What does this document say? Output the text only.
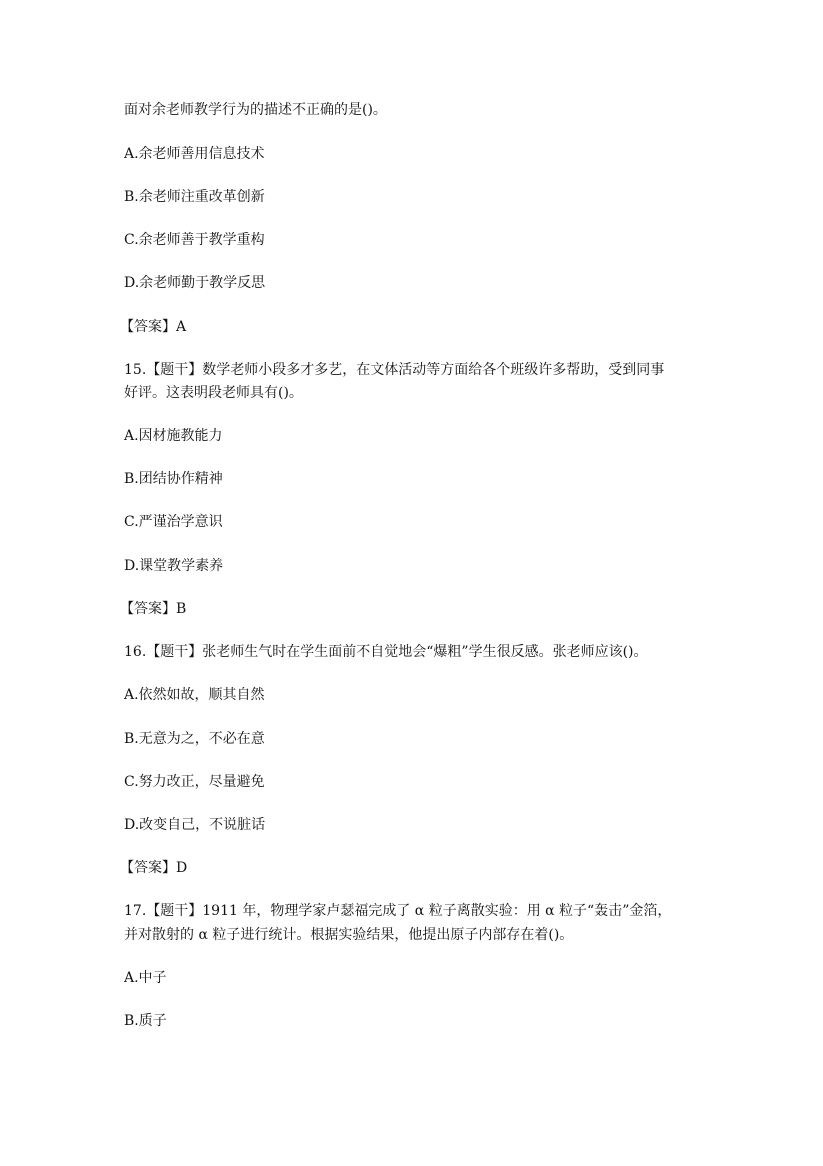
面对余老师教学行为的描述不正确的是()。
A.余老师善用信息技术
B.余老师注重改革创新
C.余老师善于教学重构
D.余老师勤于教学反思
【答案】A
15.【题干】数学老师小段多才多艺，在文体活动等方面给各个班级许多帮助，受到同事
好评。这表明段老师具有()。
A.因材施教能力
B.团结协作精神
C.严谨治学意识
D.课堂教学素养
【答案】B
16.【题干】张老师生气时在学生面前不自觉地会“爆粗”学生很反感。张老师应该()。
A.依然如故，顺其自然
B.无意为之，不必在意
C.努力改正，尽量避免
D.改变自己，不说脏话
【答案】D
17.【题干】1911 年，物理学家卢瑟福完成了 α 粒子离散实验：用 α 粒子“轰击”金箔，
并对散射的 α 粒子进行统计。根据实验结果，他提出原子内部存在着()。
A.中子
B.质子
